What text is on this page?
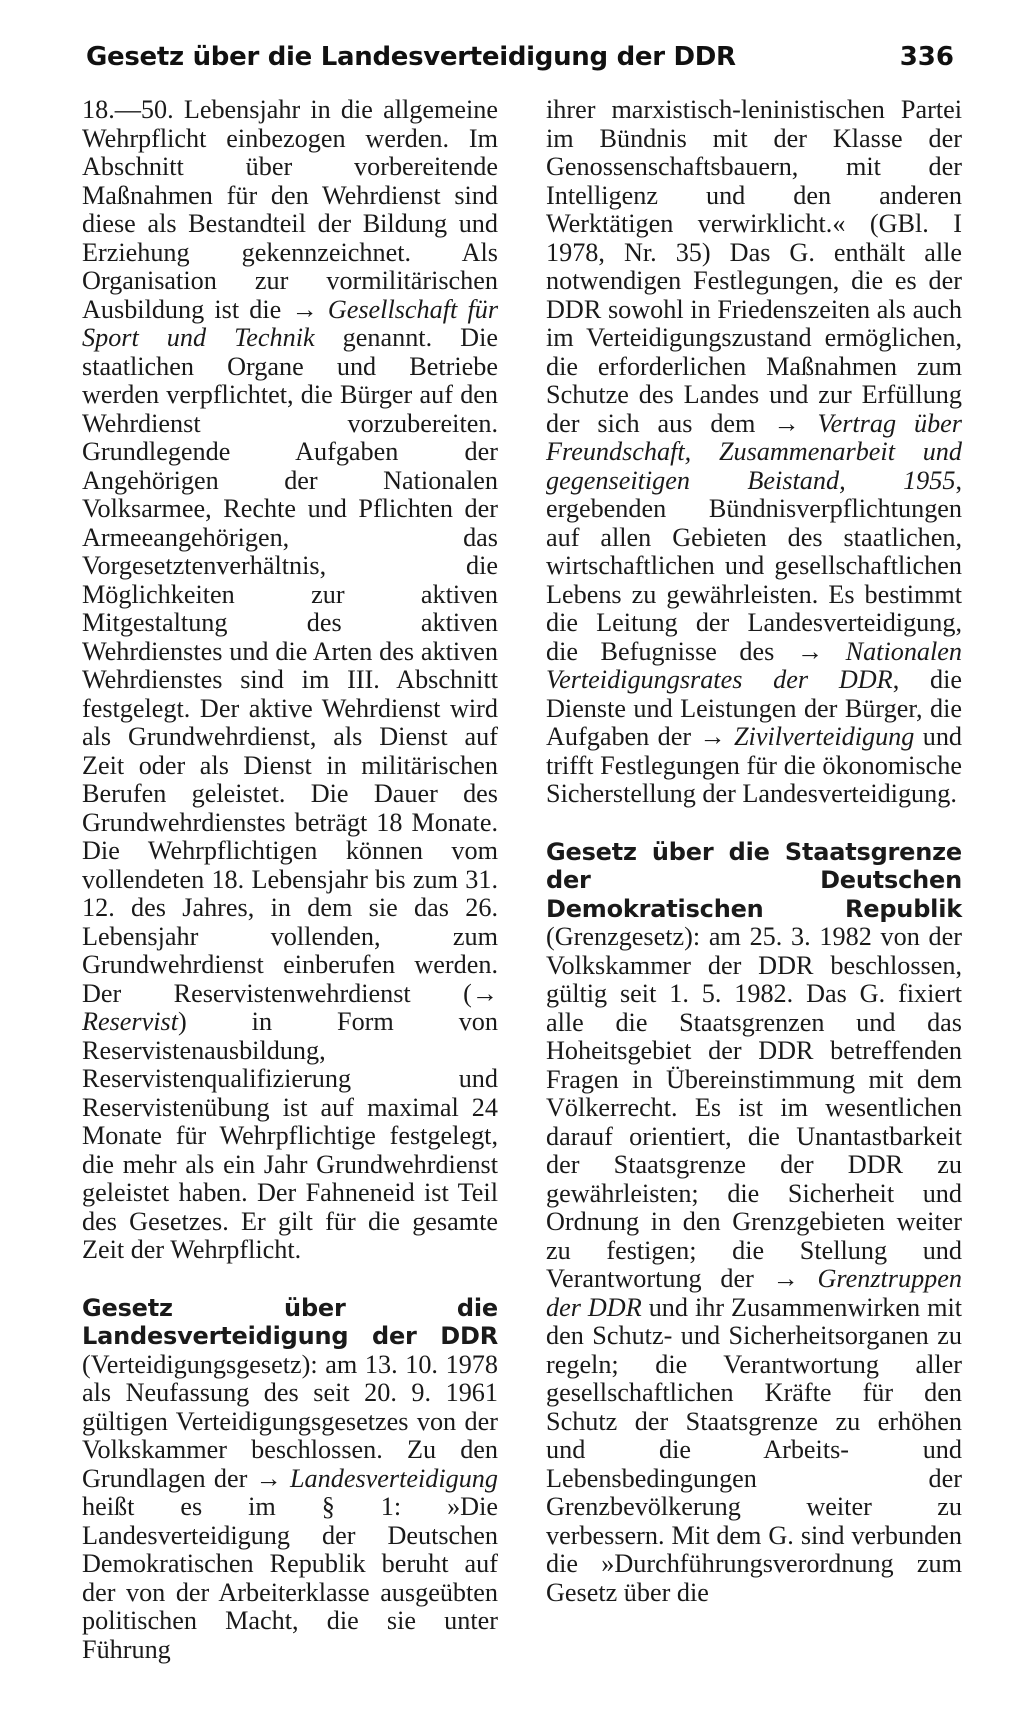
Gesetz über die Landesverteidigung der DDR	336

18.—50. Lebensjahr in die allgemeine Wehrpflicht einbezogen werden. Im Abschnitt über vorbereitende Maßnahmen für den Wehrdienst sind diese als Bestandteil der Bildung und Erziehung gekennzeichnet. Als Organisation zur vormilitärischen Ausbildung ist die → Gesellschaft für Sport und Technik genannt. Die staatlichen Organe und Betriebe werden verpflichtet, die Bürger auf den Wehrdienst vorzubereiten. Grundlegende Aufgaben der Angehörigen der Nationalen Volksarmee, Rechte und Pflichten der Armeeangehörigen, das Vorgesetztenverhältnis, die Möglichkeiten zur aktiven Mitgestaltung des aktiven Wehrdienstes und die Arten des aktiven Wehrdienstes sind im III. Abschnitt festgelegt. Der aktive Wehrdienst wird als Grundwehrdienst, als Dienst auf Zeit oder als Dienst in militärischen Berufen geleistet. Die Dauer des Grundwehrdienstes beträgt 18 Monate. Die Wehrpflichtigen können vom vollendeten 18. Lebensjahr bis zum 31. 12. des Jahres, in dem sie das 26. Lebensjahr vollenden, zum Grundwehrdienst einberufen werden. Der Reservistenwehrdienst (→ Reservist) in Form von Reservistenausbildung, Reservistenqualifizierung und Reservistenübung ist auf maximal 24 Monate für Wehrpflichtige festgelegt, die mehr als ein Jahr Grundwehrdienst geleistet haben. Der Fahneneid ist Teil des Gesetzes. Er gilt für die gesamte Zeit der Wehrpflicht.

Gesetz über die Landesverteidigung der DDR (Verteidigungsgesetz): am 13. 10. 1978 als Neufassung des seit 20. 9. 1961 gültigen Verteidigungsgesetzes von der Volkskammer beschlossen. Zu den Grundlagen der → Landesverteidigung heißt es im § 1: »Die Landesverteidigung der Deutschen Demokratischen Republik beruht auf der von der Arbeiterklasse ausgeübten politischen Macht, die sie unter Führung

ihrer marxistisch-leninistischen Partei im Bündnis mit der Klasse der Genossenschaftsbauern, mit der Intelligenz und den anderen Werktätigen verwirklicht.« (GBl. I 1978, Nr. 35) Das G. enthält alle notwendigen Festlegungen, die es der DDR sowohl in Friedenszeiten als auch im Verteidigungszustand ermöglichen, die erforderlichen Maßnahmen zum Schutze des Landes und zur Erfüllung der sich aus dem → Vertrag über Freundschaft, Zusammenarbeit und gegenseitigen Beistand, 1955, ergebenden Bündnisverpflichtungen auf allen Gebieten des staatlichen, wirtschaftlichen und gesellschaftlichen Lebens zu gewährleisten. Es bestimmt die Leitung der Landesverteidigung, die Befugnisse des → Nationalen Verteidigungsrates der DDR, die Dienste und Leistungen der Bürger, die Aufgaben der → Zivilverteidigung und trifft Festlegungen für die ökonomische Sicherstellung der Landesverteidigung.

Gesetz über die Staatsgrenze der Deutschen Demokratischen Republik (Grenzgesetz): am 25. 3. 1982 von der Volkskammer der DDR beschlossen, gültig seit 1. 5. 1982. Das G. fixiert alle die Staatsgrenzen und das Hoheitsgebiet der DDR betreffenden Fragen in Übereinstimmung mit dem Völkerrecht. Es ist im wesentlichen darauf orientiert, die Unantastbarkeit der Staatsgrenze der DDR zu gewährleisten; die Sicherheit und Ordnung in den Grenzgebieten weiter zu festigen; die Stellung und Verantwortung der → Grenztruppen der DDR und ihr Zusammenwirken mit den Schutz- und Sicherheitsorganen zu regeln; die Verantwortung aller gesellschaftlichen Kräfte für den Schutz der Staatsgrenze zu erhöhen und die Arbeits- und Lebensbedingungen der Grenzbevölkerung weiter zu verbessern. Mit dem G. sind verbunden die »Durchführungsverordnung zum Gesetz über die
